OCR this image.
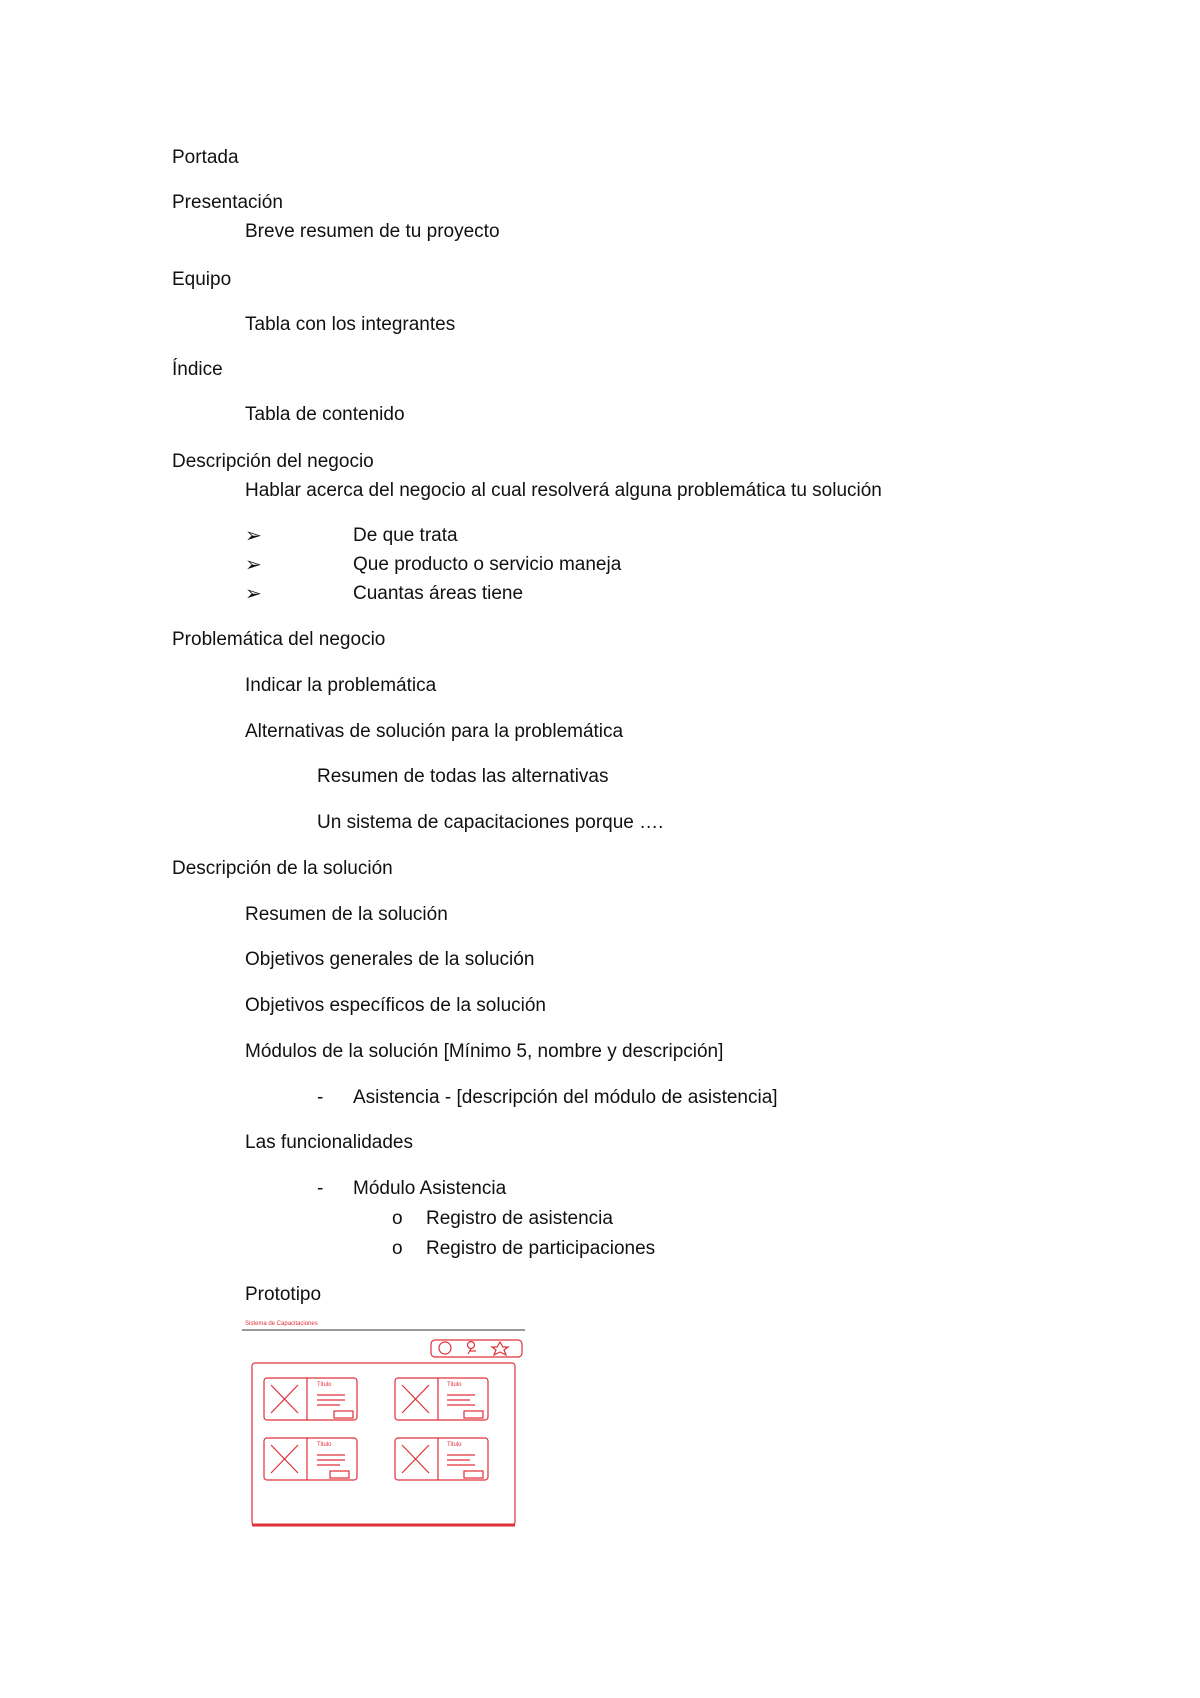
Portada
Presentación
Breve resumen de tu proyecto
Equipo
Tabla con los integrantes
Índice
Tabla de contenido
Descripción del negocio
Hablar acerca del negocio al cual resolverá alguna problemática tu solución
➢	De que trata
➢	Que producto o servicio maneja
➢	Cuantas áreas tiene
Problemática del negocio
Indicar la problemática
Alternativas de solución para la problemática
Resumen de todas las alternativas
Un sistema de capacitaciones porque ….
Descripción de la solución
Resumen de la solución
Objetivos generales de la solución
Objetivos específicos de la solución
Módulos de la solución [Mínimo 5, nombre y descripción]
- Asistencia - [descripción del módulo de asistencia]
Las funcionalidades
- Módulo Asistencia
o Registro de asistencia
o Registro de participaciones
Prototipo
Sistema de Capacitaciones
Titulo	Titulo
Titulo	Titulo
